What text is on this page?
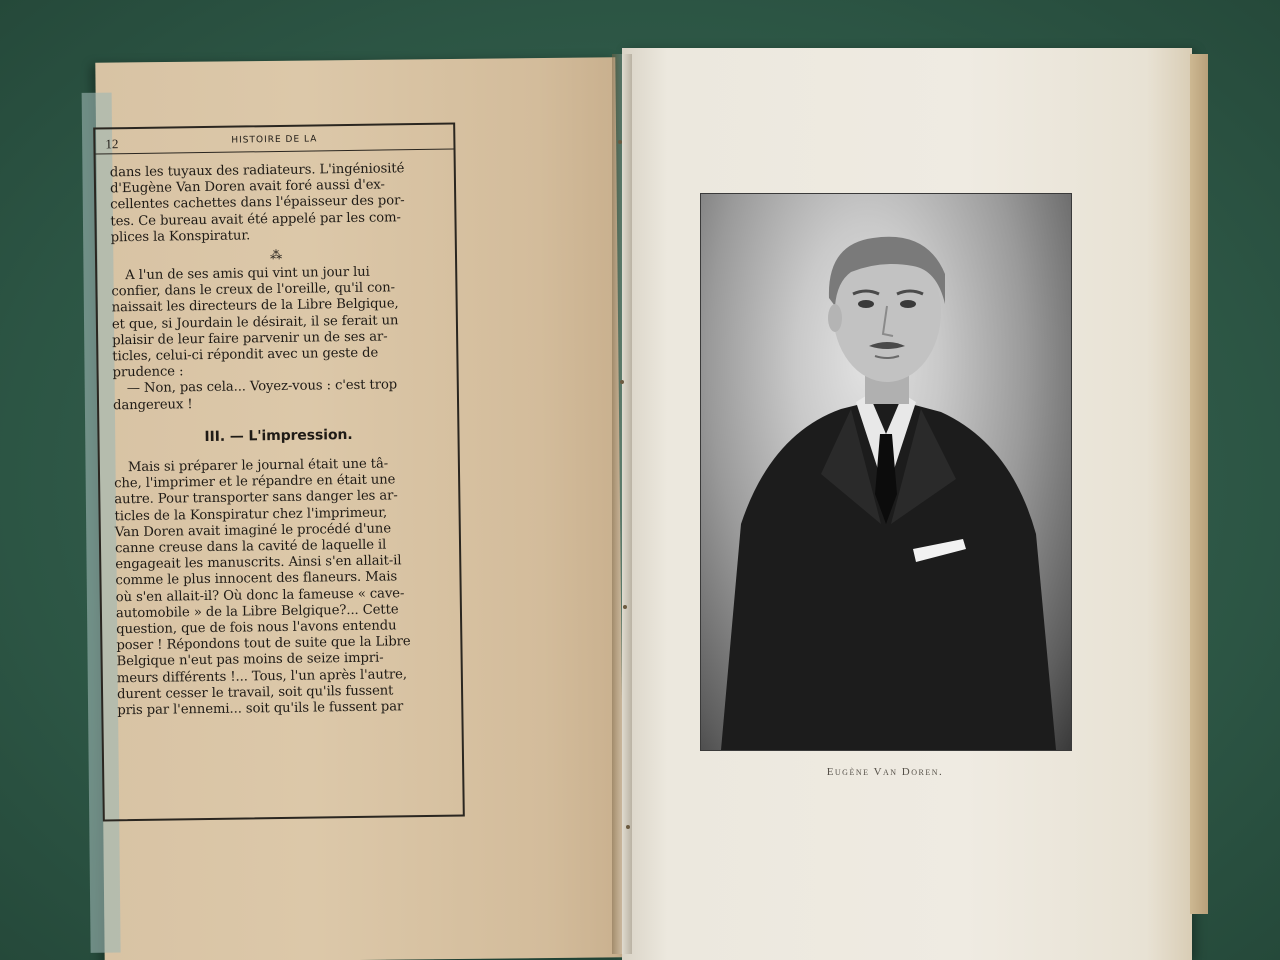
12	HISTOIRE DE LA

dans les tuyaux des radiateurs. L'ingéniosité

d'Eugène Van Doren avait foré aussi d'ex-

cellentes cachettes dans l'épaisseur des por-

tes. Ce bureau avait été appelé par les com-

plices la Konspiratur.

⁂

A l'un de ses amis qui vint un jour lui

confier, dans le creux de l'oreille, qu'il con-

naissait les directeurs de la Libre Belgique,

et que, si Jourdain le désirait, il se ferait un

plaisir de leur faire parvenir un de ses ar-

ticles, celui-ci répondit avec un geste de

prudence :

— Non, pas cela... Voyez-vous : c'est trop

dangereux !

III. — L'impression.

Mais si préparer le journal était une tâ-

che, l'imprimer et le répandre en était une

autre. Pour transporter sans danger les ar-

ticles de la Konspiratur chez l'imprimeur,

Van Doren avait imaginé le procédé d'une

canne creuse dans la cavité de laquelle il

engageait les manuscrits. Ainsi s'en allait-il

comme le plus innocent des flaneurs. Mais

où s'en allait-il? Où donc la fameuse « cave-

automobile » de la Libre Belgique?... Cette

question, que de fois nous l'avons entendu

poser ! Répondons tout de suite que la Libre

Belgique n'eut pas moins de seize impri-

meurs différents !... Tous, l'un après l'autre,

durent cesser le travail, soit qu'ils fussent

pris par l'ennemi... soit qu'ils le fussent par

Eugène Van Doren.
